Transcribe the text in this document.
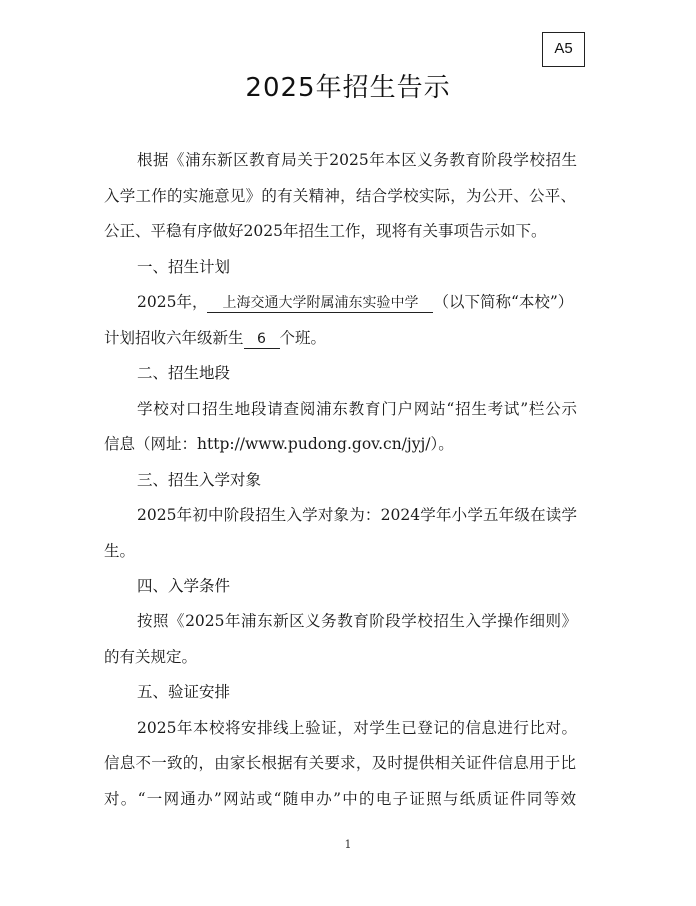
A5
2025年招生告示
根据《浦东新区教育局关于2025年本区义务教育阶段学校招生
入学工作的实施意见》的有关精神，结合学校实际，为公开、公平、
公正、平稳有序做好2025年招生工作，现将有关事项告示如下。
一、招生计划
2025年， 上海交通大学附属浦东实验中学 （以下简称“本校”）
计划招收六年级新生 6 个班。
二、招生地段
学校对口招生地段请查阅浦东教育门户网站“招生考试”栏公示
信息（网址：http://www.pudong.gov.cn/jyj/）。
三、招生入学对象
2025年初中阶段招生入学对象为：2024学年小学五年级在读学
生。
四、入学条件
按照《2025年浦东新区义务教育阶段学校招生入学操作细则》
的有关规定。
五、验证安排
2025年本校将安排线上验证，对学生已登记的信息进行比对。
信息不一致的，由家长根据有关要求，及时提供相关证件信息用于比
对。“一网通办”网站或“随申办”中的电子证照与纸质证件同等效
1
